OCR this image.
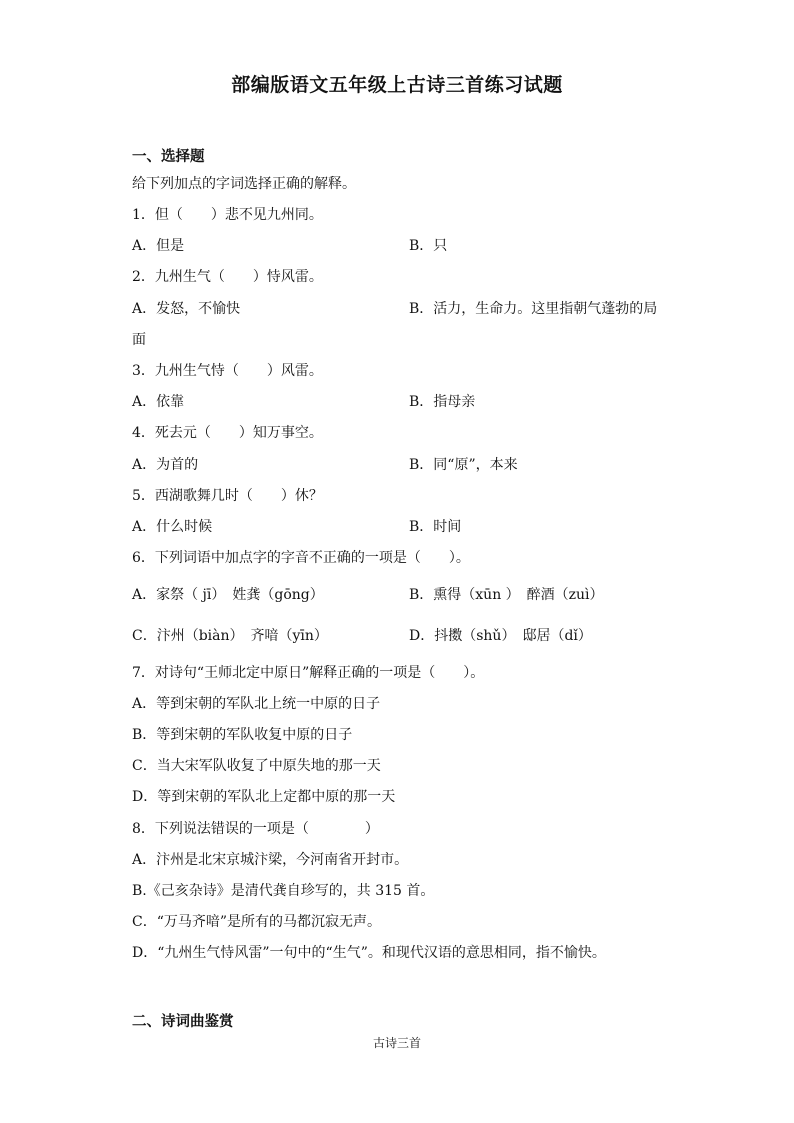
部编版语文五年级上古诗三首练习试题
一、选择题
给下列加点的字词选择正确的解释。
1．但（　　）悲不见九州同。
A．但是	B．只
2．九州生气（　　）恃风雷。
A．发怒，不愉快	B．活力，生命力。这里指朝气蓬勃的局
面
3．九州生气恃（　　）风雷。
A．依靠	B．指母亲
4．死去元（　　）知万事空。
A．为首的	B．同“原”，本来
5．西湖歌舞几时（　　）休？
A．什么时候	B．时间
6．下列词语中加点字的字音不正确的一项是（　　）。
A．家祭（ jī）　姓龚（gōng）	B．熏得（xūn ）　醉酒（zuì）
C．汴州（biàn）　齐喑（yīn）	D．抖擞（shǔ）　邸居（dǐ）
7．对诗句“王师北定中原日”解释正确的一项是（　　）。
A．等到宋朝的军队北上统一中原的日子
B．等到宋朝的军队收复中原的日子
C．当大宋军队收复了中原失地的那一天
D．等到宋朝的军队北上定都中原的那一天
8．下列说法错误的一项是（　　　　）
A．汴州是北宋京城汴梁，今河南省开封市。
B.《己亥杂诗》是清代龚自珍写的，共 315 首。
C．“万马齐喑”是所有的马都沉寂无声。
D．“九州生气恃风雷”一句中的“生气”。和现代汉语的意思相同，指不愉快。
二、诗词曲鉴赏
古诗三首
